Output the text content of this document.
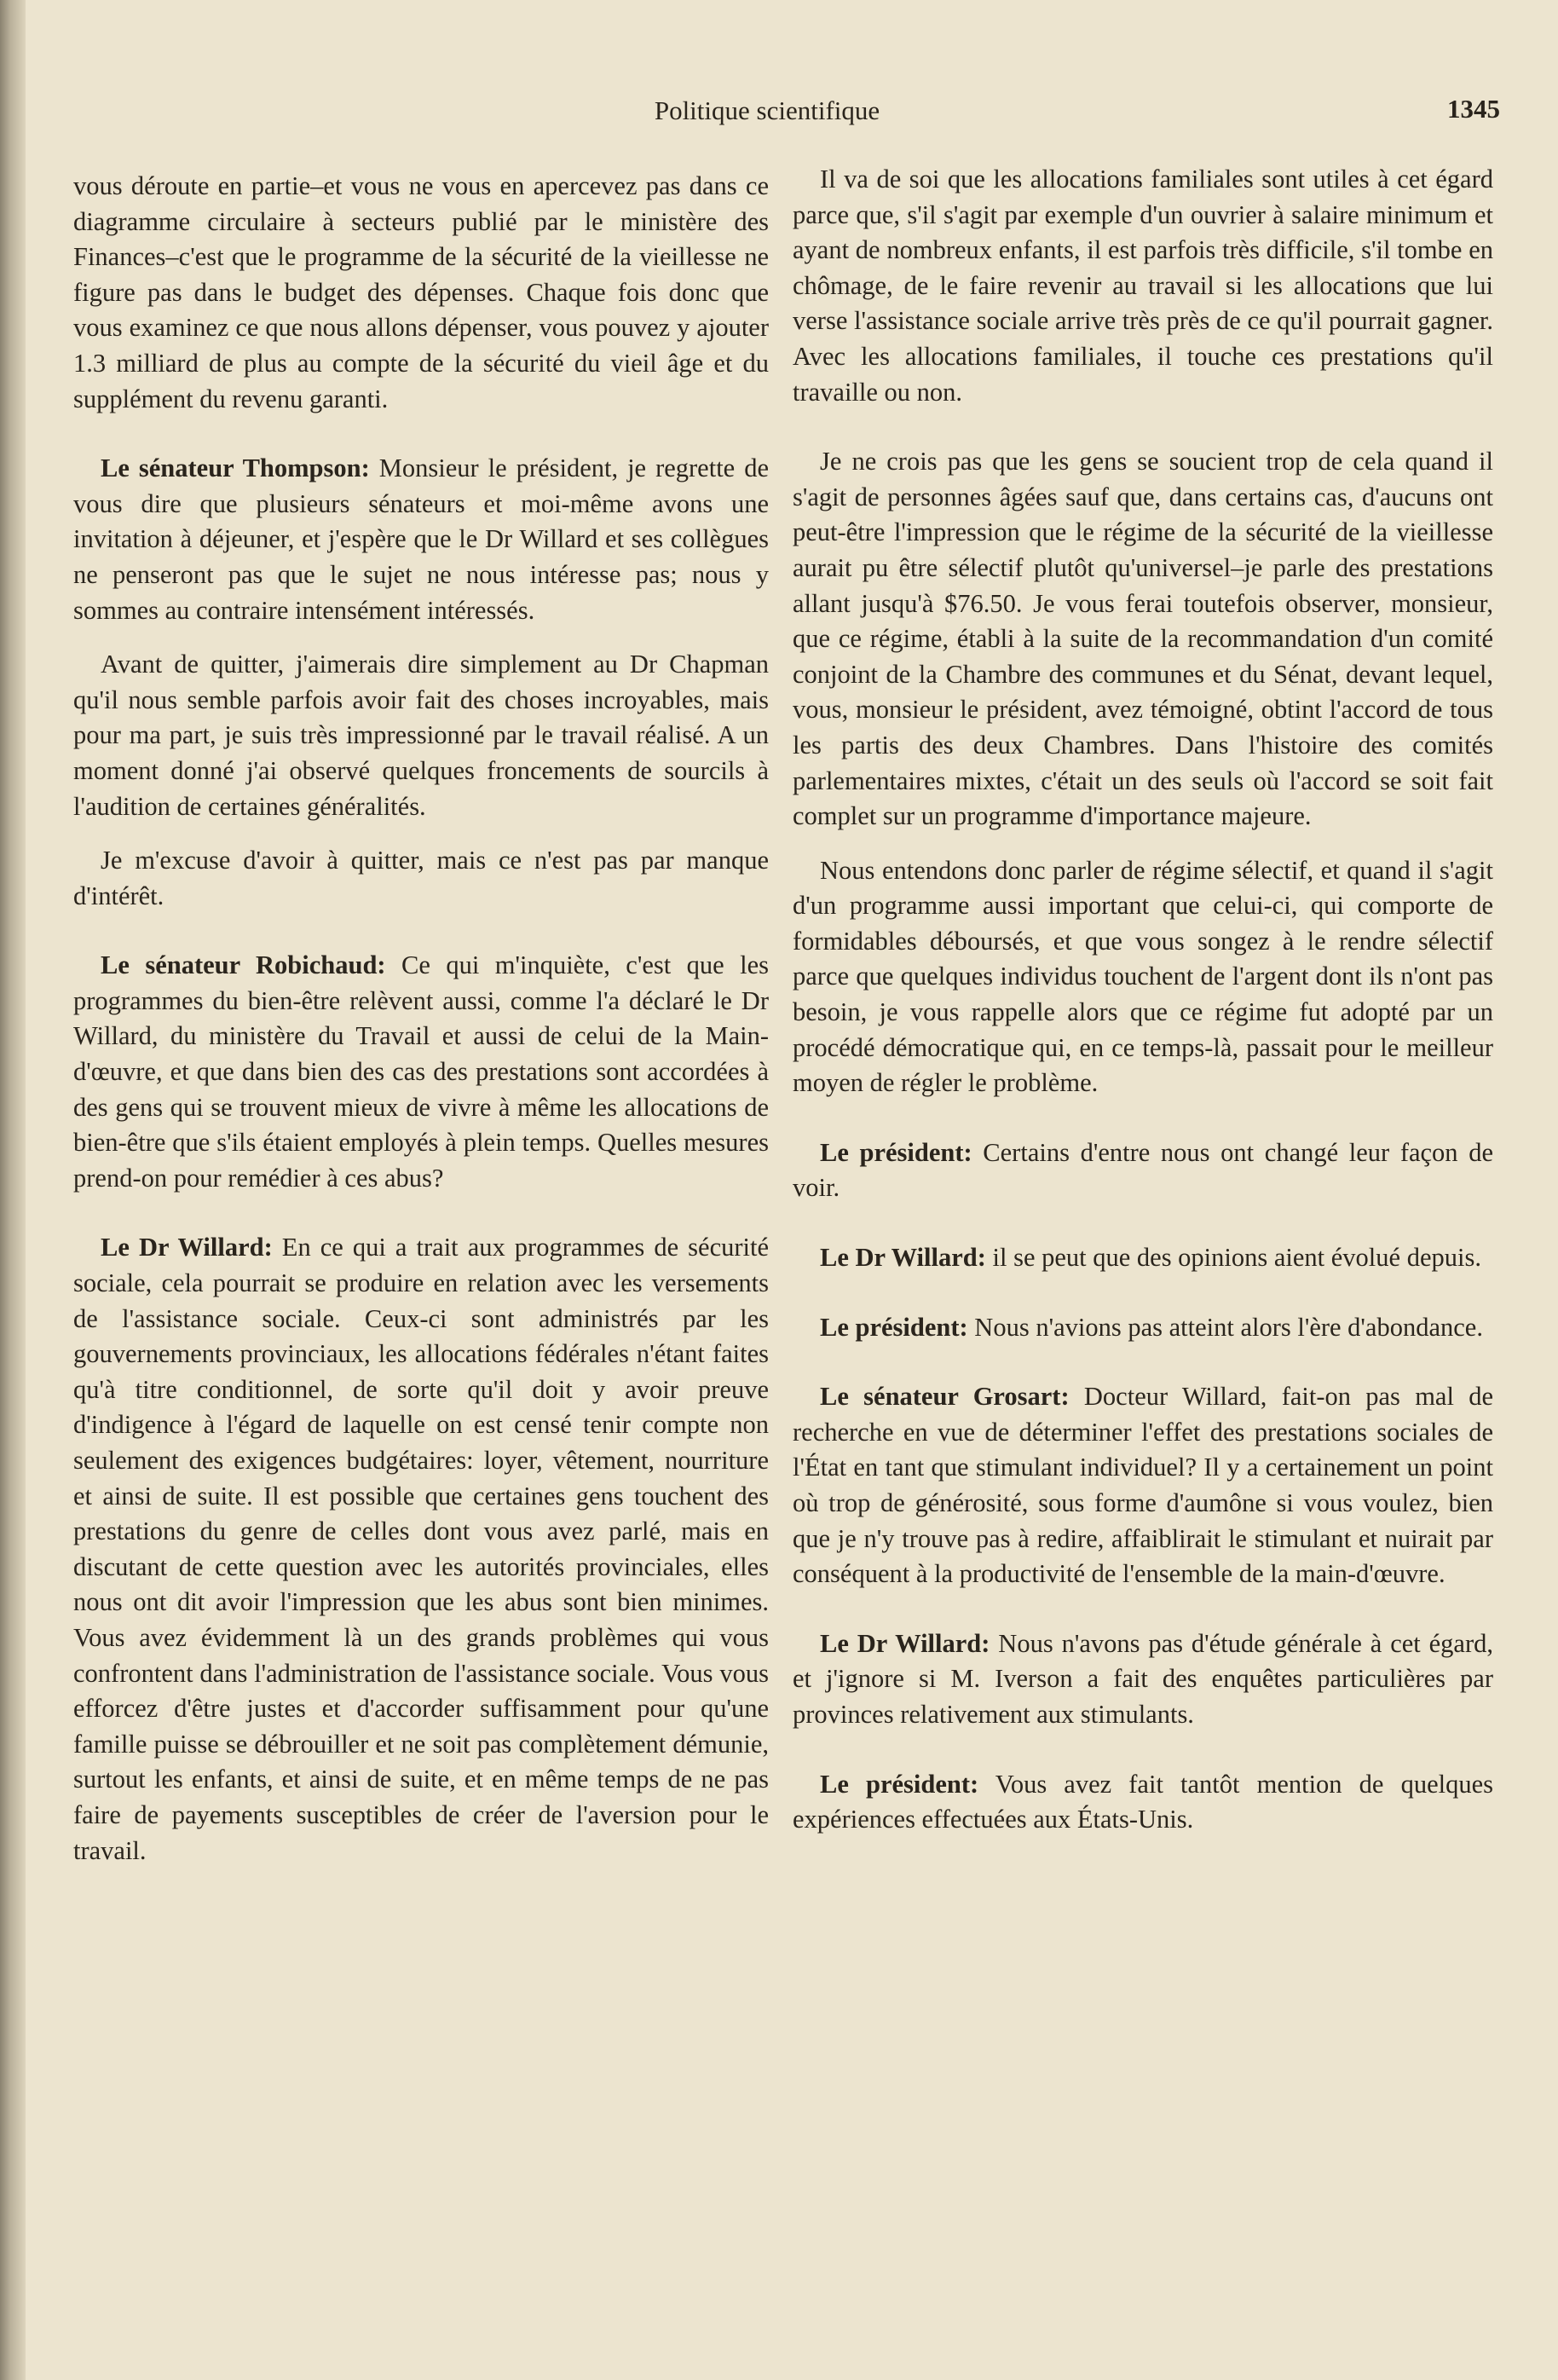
Politique scientifique	1345

vous déroute en partie–et vous ne vous en apercevez pas dans ce diagramme circulaire à secteurs publié par le ministère des Finances–c'est que le programme de la sécurité de la vieillesse ne figure pas dans le budget des dépenses. Chaque fois donc que vous examinez ce que nous allons dépenser, vous pouvez y ajouter 1.3 milliard de plus au compte de la sécurité du vieil âge et du supplément du revenu garanti.

Le sénateur Thompson: Monsieur le président, je regrette de vous dire que plusieurs sénateurs et moi-même avons une invitation à déjeuner, et j'espère que le Dr Willard et ses collègues ne penseront pas que le sujet ne nous intéresse pas; nous y sommes au contraire intensément intéressés.

Avant de quitter, j'aimerais dire simplement au Dr Chapman qu'il nous semble parfois avoir fait des choses incroyables, mais pour ma part, je suis très impressionné par le travail réalisé. A un moment donné j'ai observé quelques froncements de sourcils à l'audition de certaines généralités.

Je m'excuse d'avoir à quitter, mais ce n'est pas par manque d'intérêt.

Le sénateur Robichaud: Ce qui m'inquiète, c'est que les programmes du bien-être relèvent aussi, comme l'a déclaré le Dr Willard, du ministère du Travail et aussi de celui de la Main-d'œuvre, et que dans bien des cas des prestations sont accordées à des gens qui se trouvent mieux de vivre à même les allocations de bien-être que s'ils étaient employés à plein temps. Quelles mesures prend-on pour remédier à ces abus?

Le Dr Willard: En ce qui a trait aux programmes de sécurité sociale, cela pourrait se produire en relation avec les versements de l'assistance sociale. Ceux-ci sont administrés par les gouvernements provinciaux, les allocations fédérales n'étant faites qu'à titre conditionnel, de sorte qu'il doit y avoir preuve d'indigence à l'égard de laquelle on est censé tenir compte non seulement des exigences budgétaires: loyer, vêtement, nourriture et ainsi de suite. Il est possible que certaines gens touchent des prestations du genre de celles dont vous avez parlé, mais en discutant de cette question avec les autorités provinciales, elles nous ont dit avoir l'impression que les abus sont bien minimes. Vous avez évidemment là un des grands problèmes qui vous confrontent dans l'administration de l'assistance sociale. Vous vous efforcez d'être justes et d'accorder suffisamment pour qu'une famille puisse se débrouiller et ne soit pas complètement démunie, surtout les enfants, et ainsi de suite, et en même temps de ne pas faire de payements susceptibles de créer de l'aversion pour le travail.

Il va de soi que les allocations familiales sont utiles à cet égard parce que, s'il s'agit par exemple d'un ouvrier à salaire minimum et ayant de nombreux enfants, il est parfois très difficile, s'il tombe en chômage, de le faire revenir au travail si les allocations que lui verse l'assistance sociale arrive très près de ce qu'il pourrait gagner. Avec les allocations familiales, il touche ces prestations qu'il travaille ou non.

Je ne crois pas que les gens se soucient trop de cela quand il s'agit de personnes âgées sauf que, dans certains cas, d'aucuns ont peut-être l'impression que le régime de la sécurité de la vieillesse aurait pu être sélectif plutôt qu'universel–je parle des prestations allant jusqu'à $76.50. Je vous ferai toutefois observer, monsieur, que ce régime, établi à la suite de la recommandation d'un comité conjoint de la Chambre des communes et du Sénat, devant lequel, vous, monsieur le président, avez témoigné, obtint l'accord de tous les partis des deux Chambres. Dans l'histoire des comités parlementaires mixtes, c'était un des seuls où l'accord se soit fait complet sur un programme d'importance majeure.

Nous entendons donc parler de régime sélectif, et quand il s'agit d'un programme aussi important que celui-ci, qui comporte de formidables déboursés, et que vous songez à le rendre sélectif parce que quelques individus touchent de l'argent dont ils n'ont pas besoin, je vous rappelle alors que ce régime fut adopté par un procédé démocratique qui, en ce temps-là, passait pour le meilleur moyen de régler le problème.

Le président: Certains d'entre nous ont changé leur façon de voir.

Le Dr Willard: il se peut que des opinions aient évolué depuis.

Le président: Nous n'avions pas atteint alors l'ère d'abondance.

Le sénateur Grosart: Docteur Willard, fait-on pas mal de recherche en vue de déterminer l'effet des prestations sociales de l'État en tant que stimulant individuel? Il y a certainement un point où trop de générosité, sous forme d'aumône si vous voulez, bien que je n'y trouve pas à redire, affaiblirait le stimulant et nuirait par conséquent à la productivité de l'ensemble de la main-d'œuvre.

Le Dr Willard: Nous n'avons pas d'étude générale à cet égard, et j'ignore si M. Iverson a fait des enquêtes particulières par provinces relativement aux stimulants.

Le président: Vous avez fait tantôt mention de quelques expériences effectuées aux États-Unis.
